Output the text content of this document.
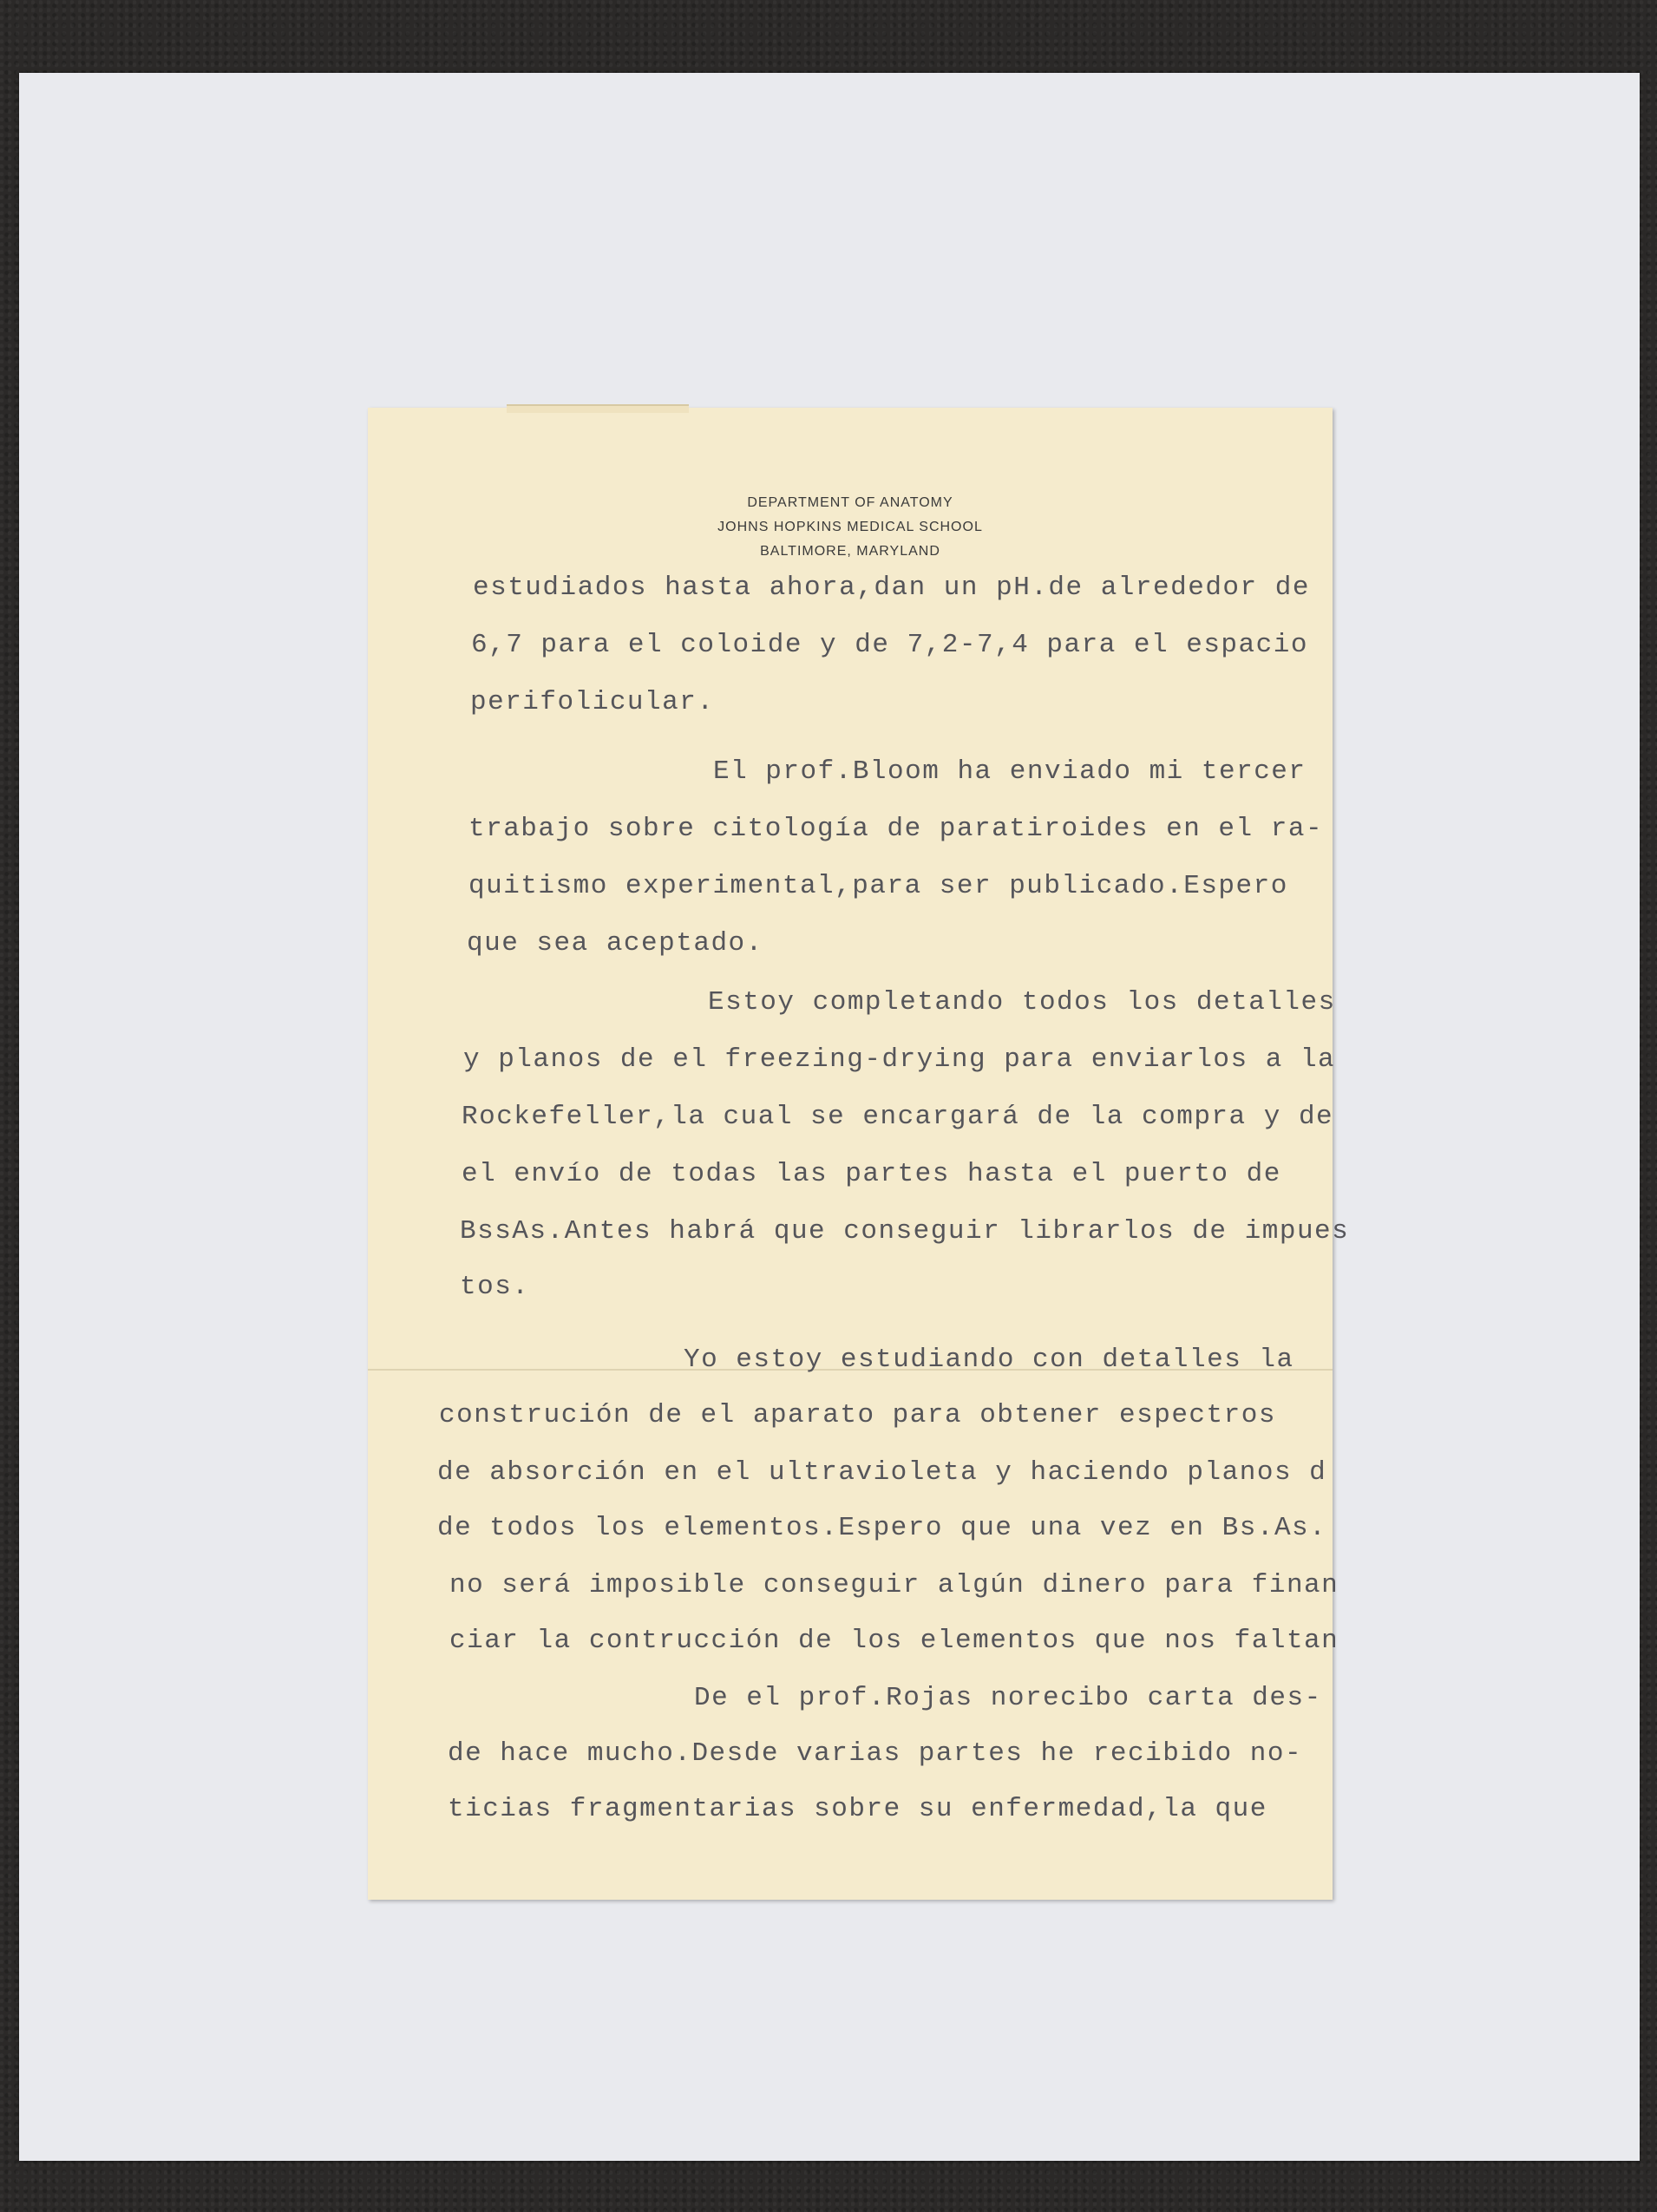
DEPARTMENT OF ANATOMY
JOHNS HOPKINS MEDICAL SCHOOL
BALTIMORE, MARYLAND
estudiados hasta ahora,dan un pH.de alrededor de
6,7 para el coloide y de 7,2-7,4 para el espacio
perifolicular.
El prof.Bloom ha enviado mi tercer
trabajo sobre citología de paratiroides en el ra-
quitismo experimental,para ser publicado.Espero
que sea aceptado.
Estoy completando todos los detalles
y planos de el freezing-drying para enviarlos a la
Rockefeller,la cual se encargará de la compra y de
el envío de todas las partes hasta el puerto de
BssAs.Antes habrá que conseguir librarlos de impues
tos.
Yo estoy estudiando con detalles la
construción de el aparato para obtener espectros
de absorción en el ultravioleta y haciendo planos d
de todos los elementos.Espero que una vez en Bs.As.
no será imposible conseguir algún dinero para finan
ciar la contrucción de los elementos que nos faltan
De el prof.Rojas norecibo carta des-
de hace mucho.Desde varias partes he recibido no-
ticias fragmentarias sobre su enfermedad,la que
